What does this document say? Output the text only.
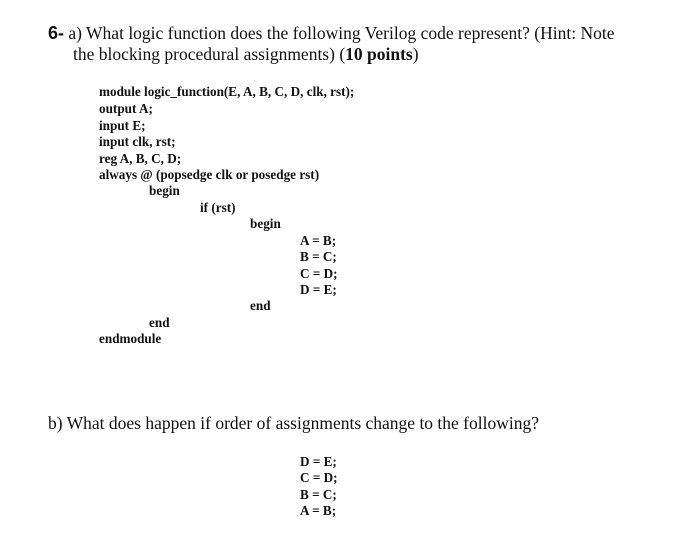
6- a) What logic function does the following Verilog code represent? (Hint: Note
the blocking procedural assignments) (10 points)
module logic_function(E, A, B, C, D, clk, rst);
output A;
input E;
input clk, rst;
reg A, B, C, D;
always @ (popsedge clk or posedge rst)
begin
if (rst)
begin
A = B;
B = C;
C = D;
D = E;
end
end
endmodule
b) What does happen if order of assignments change to the following?
D = E;
C = D;
B = C;
A = B;
